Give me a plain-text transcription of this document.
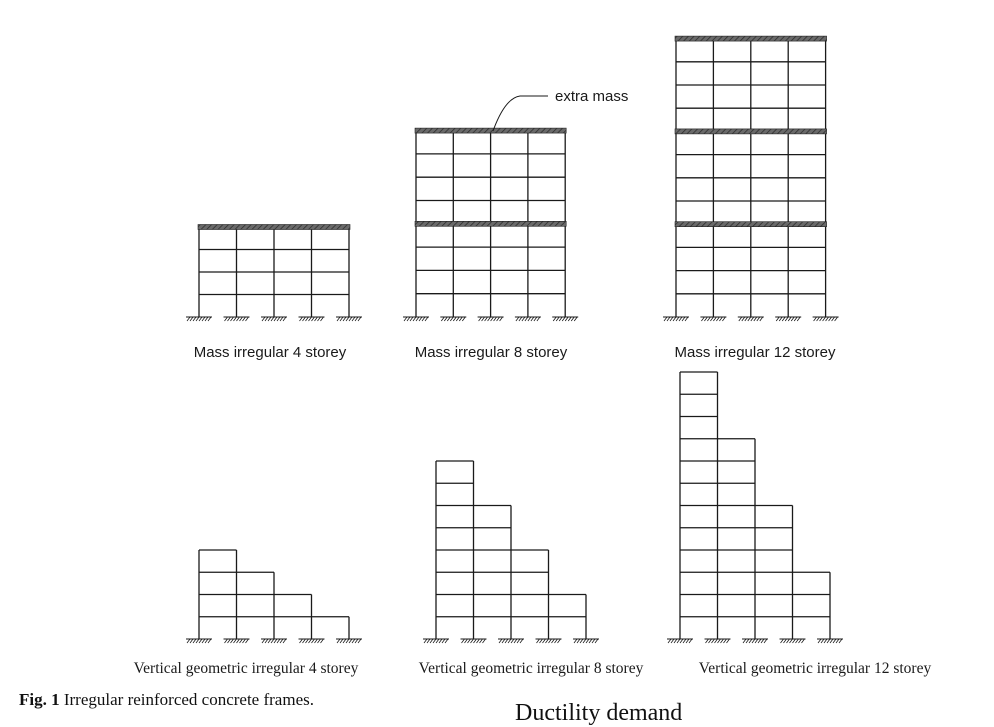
extra mass
Mass irregular 4 storey	Mass irregular 8 storey	Mass irregular 12 storey
Vertical geometric irregular 4 storey	Vertical geometric irregular 8 storey	Vertical geometric irregular 12 storey
Fig. 1 Irregular reinforced concrete frames.
Ductility demand
